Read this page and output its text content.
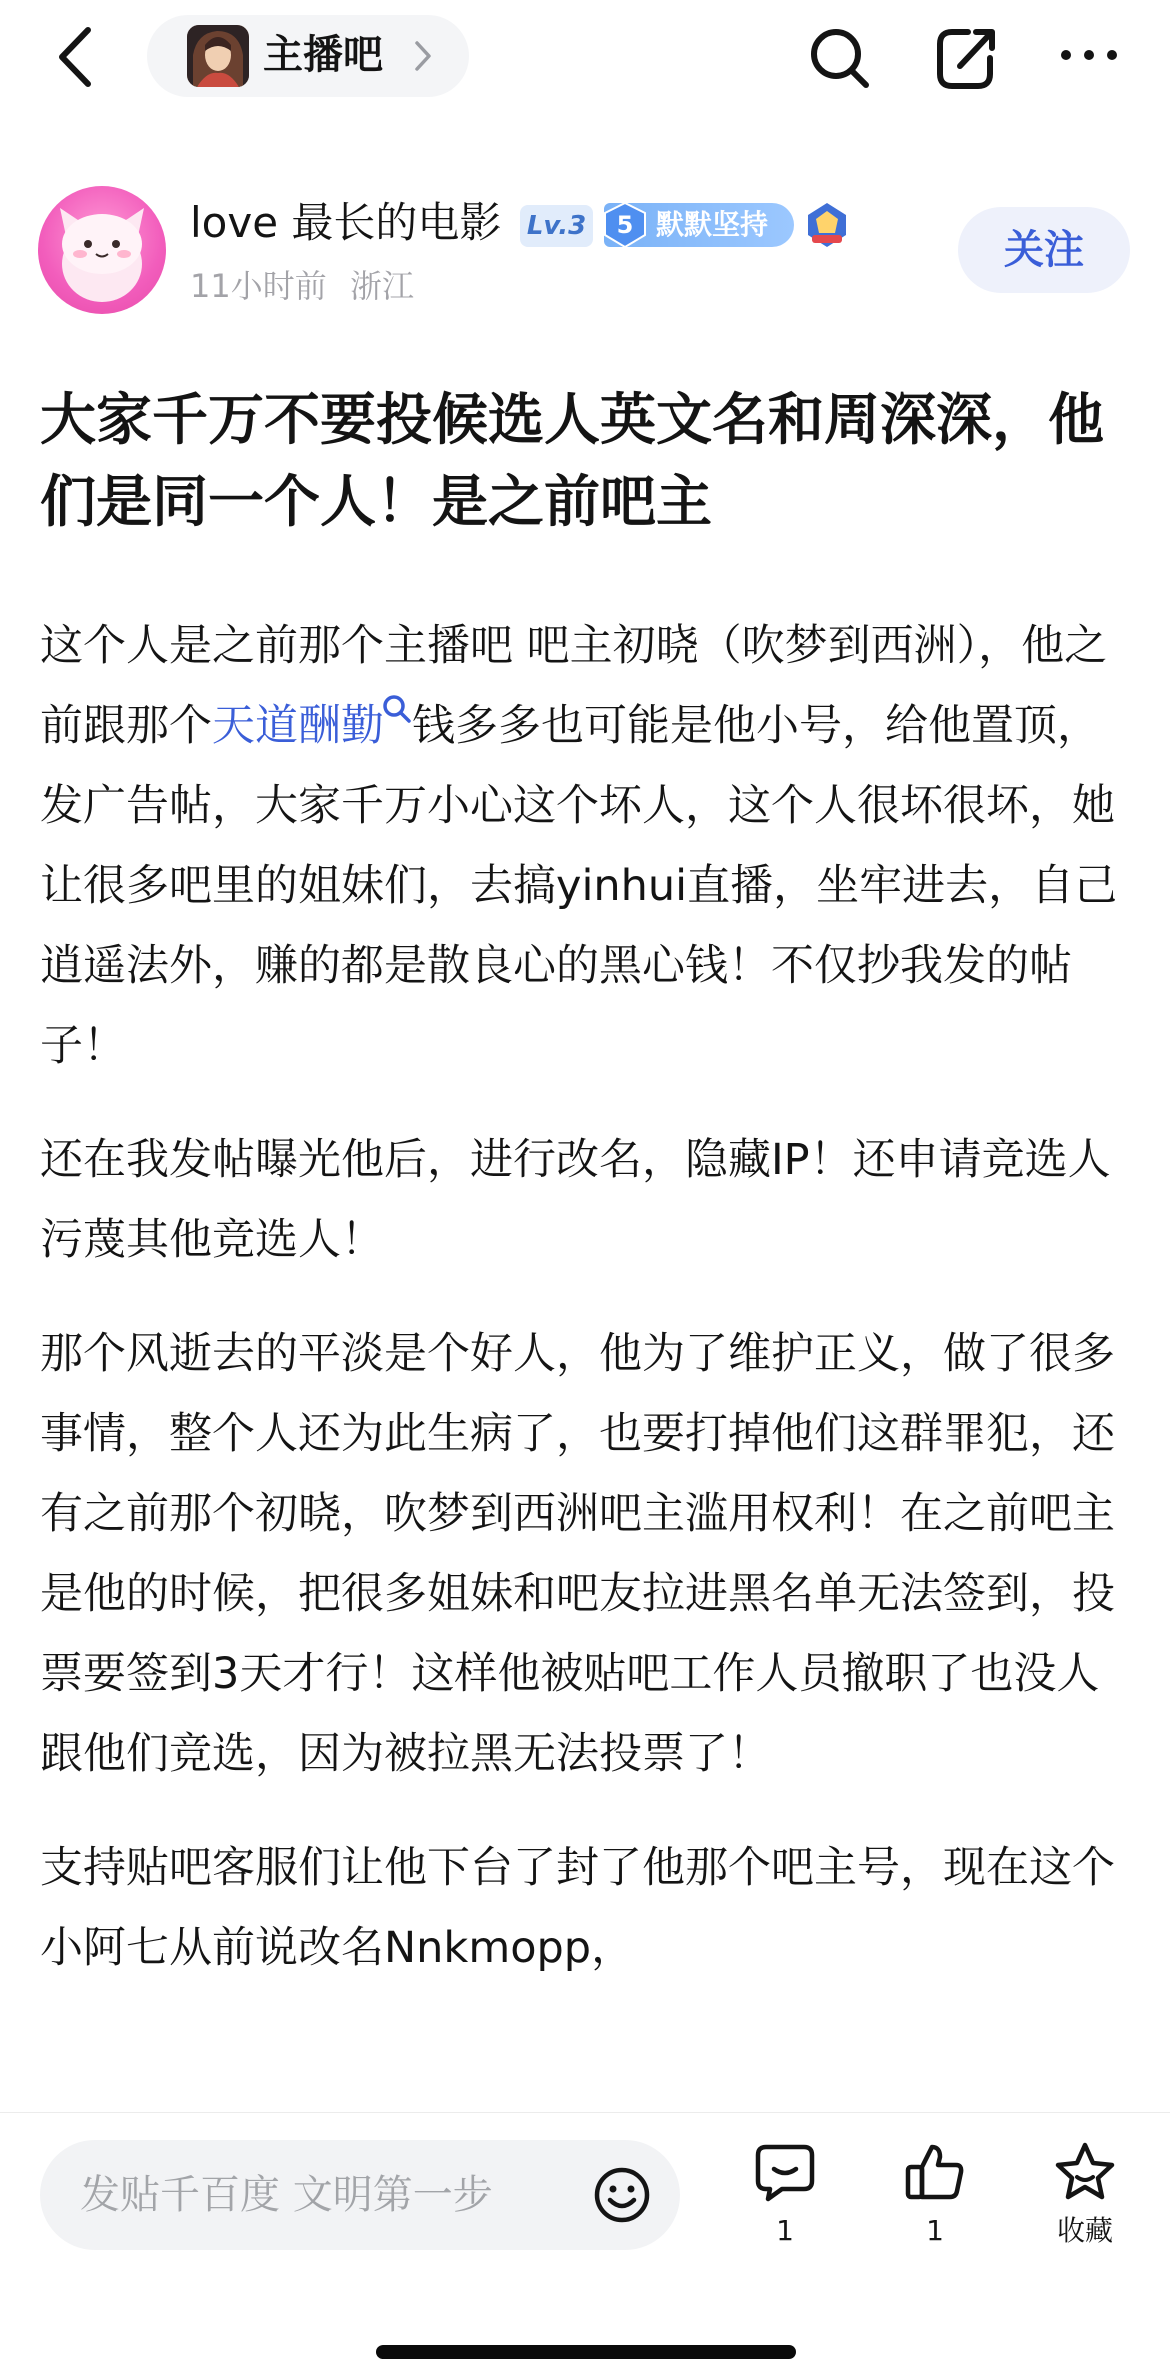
主播吧
love 最长的电影 Lv.3 5 默默坚持
11小时前 浙江
关注
大家千万不要投候选人英文名和周深深，他们是同一个人！是之前吧主

这个人是之前那个主播吧 吧主初晓（吹梦到西洲），他之前跟那个天道酬勤 钱多多也可能是他小号，给他置顶，发广告帖，大家千万小心这个坏人，这个人很坏很坏，她让很多吧里的姐妹们，去搞yinhui直播，坐牢进去，自己逍遥法外，赚的都是散良心的黑心钱！不仅抄我发的帖子！

还在我发帖曝光他后，进行改名，隐藏IP！还申请竞选人污蔑其他竞选人！

那个风逝去的平淡是个好人，他为了维护正义，做了很多事情，整个人还为此生病了，也要打掉他们这群罪犯，还有之前那个初晓，吹梦到西洲吧主滥用权利！在之前吧主是他的时候，把很多姐妹和吧友拉进黑名单无法签到，投票要签到3天才行！这样他被贴吧工作人员撤职了也没人跟他们竞选，因为被拉黑无法投票了！

支持贴吧客服们让他下台了封了他那个吧主号，现在这个小阿七从前说改名Nnkmopp，

发贴千百度 文明第一步
1	1	收藏
